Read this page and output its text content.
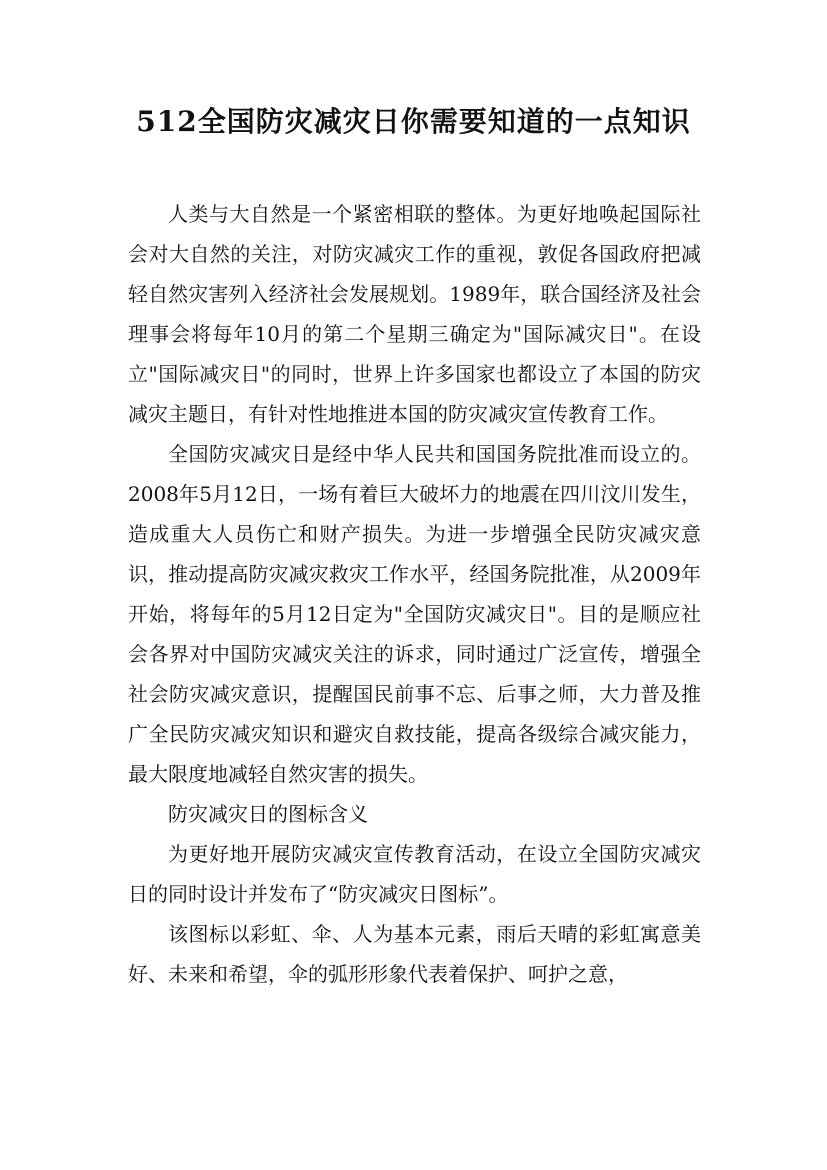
512全国防灾减灾日你需要知道的一点知识

人类与大自然是一个紧密相联的整体。为更好地唤起国际社会对大自然的关注，对防灾减灾工作的重视，敦促各国政府把减轻自然灾害列入经济社会发展规划。1989年，联合国经济及社会理事会将每年10月的第二个星期三确定为"国际减灾日"。在设立"国际减灾日"的同时，世界上许多国家也都设立了本国的防灾减灾主题日，有针对性地推进本国的防灾减灾宣传教育工作。

全国防灾减灾日是经中华人民共和国国务院批准而设立的。2008年5月12日，一场有着巨大破坏力的地震在四川汶川发生，造成重大人员伤亡和财产损失。为进一步增强全民防灾减灾意识，推动提高防灾减灾救灾工作水平，经国务院批准，从2009年开始，将每年的5月12日定为"全国防灾减灾日"。目的是顺应社会各界对中国防灾减灾关注的诉求，同时通过广泛宣传，增强全社会防灾减灾意识，提醒国民前事不忘、后事之师，大力普及推广全民防灾减灾知识和避灾自救技能，提高各级综合减灾能力，最大限度地减轻自然灾害的损失。

防灾减灾日的图标含义

为更好地开展防灾减灾宣传教育活动，在设立全国防灾减灾日的同时设计并发布了“防灾减灾日图标”。

该图标以彩虹、伞、人为基本元素，雨后天晴的彩虹寓意美好、未来和希望，伞的弧形形象代表着保护、呵护之意，
